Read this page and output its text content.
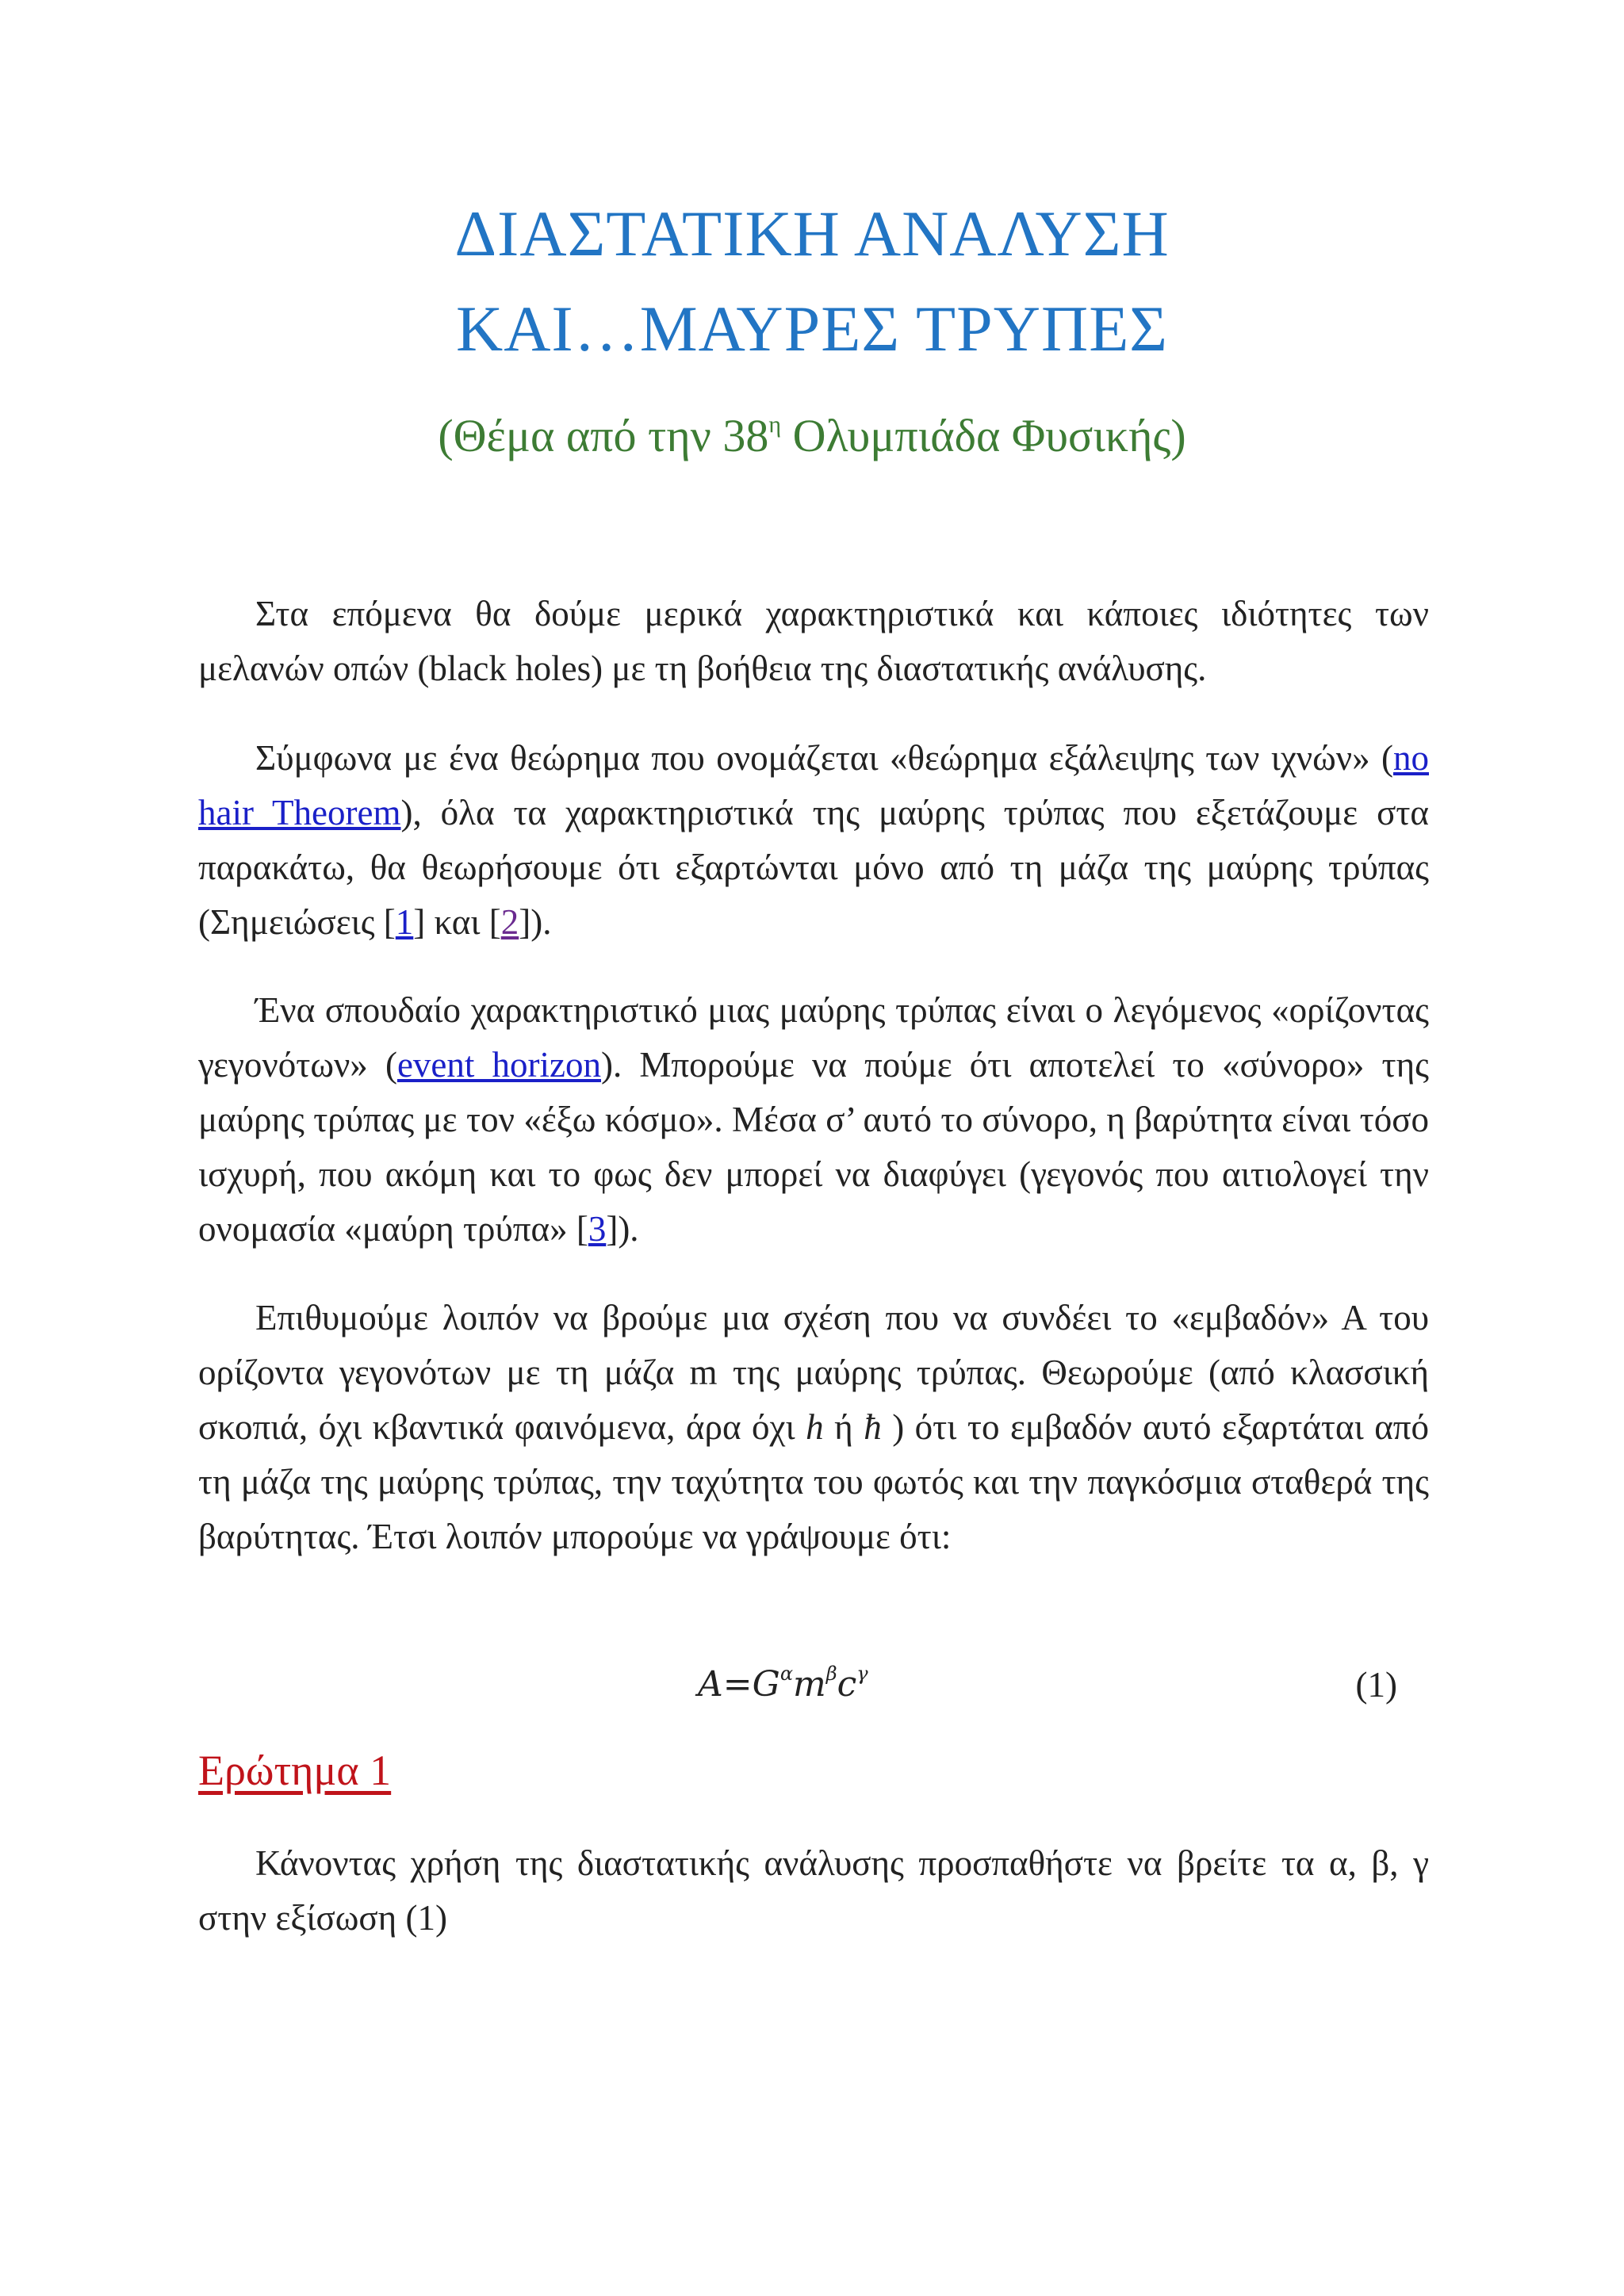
ΔΙΑΣΤΑΤΙΚΗ ΑΝΑΛΥΣΗ
ΚΑΙ…ΜΑΥΡΕΣ ΤΡΥΠΕΣ
(Θέμα από την $38^\eta$ Ολυμπιάδα Φυσικής)

Στα επόμενα θα δούμε μερικά χαρακτηριστικά και κάποιες ιδιότητες των μελανών οπών (black holes) με τη βοήθεια της διαστατικής ανάλυσης.

Σύμφωνα με ένα θεώρημα που ονομάζεται «θεώρημα εξάλειψης των ιχνών» (no hair Theorem), όλα τα χαρακτηριστικά της μαύρης τρύπας που εξετάζουμε στα παρακάτω, θα θεωρήσουμε ότι εξαρτώνται μόνο από τη μάζα της μαύρης τρύπας (Σημειώσεις [1] και [2]).

Ένα σπουδαίο χαρακτηριστικό μιας μαύρης τρύπας είναι ο λεγόμενος «ορίζοντας γεγονότων» (event horizon). Μπορούμε να πούμε ότι αποτελεί το «σύνορο» της μαύρης τρύπας με τον «έξω κόσμο». Μέσα σ’ αυτό το σύνορο, η βαρύτητα είναι τόσο ισχυρή, που ακόμη και το φως δεν μπορεί να διαφύγει (γεγονός που αιτιολογεί την ονομασία «μαύρη τρύπα» [3]).

Επιθυμούμε λοιπόν να βρούμε μια σχέση που να συνδέει το «εμβαδόν» Α του ορίζοντα γεγονότων με τη μάζα m της μαύρης τρύπας. Θεωρούμε (από κλασσική σκοπιά, όχι κβαντικά φαινόμενα, άρα όχι h ή ħ ) ότι το εμβαδόν αυτό εξαρτάται από τη μάζα της μαύρης τρύπας, την ταχύτητα του φωτός και την παγκόσμια σταθερά της βαρύτητας. Έτσι λοιπόν μπορούμε να γράψουμε ότι:

$A=G^\alpha m^\beta c^\gamma$	(1)
Ερώτημα 1

Κάνοντας χρήση της διαστατικής ανάλυσης προσπαθήστε να βρείτε τα α, β, γ στην εξίσωση (1)
